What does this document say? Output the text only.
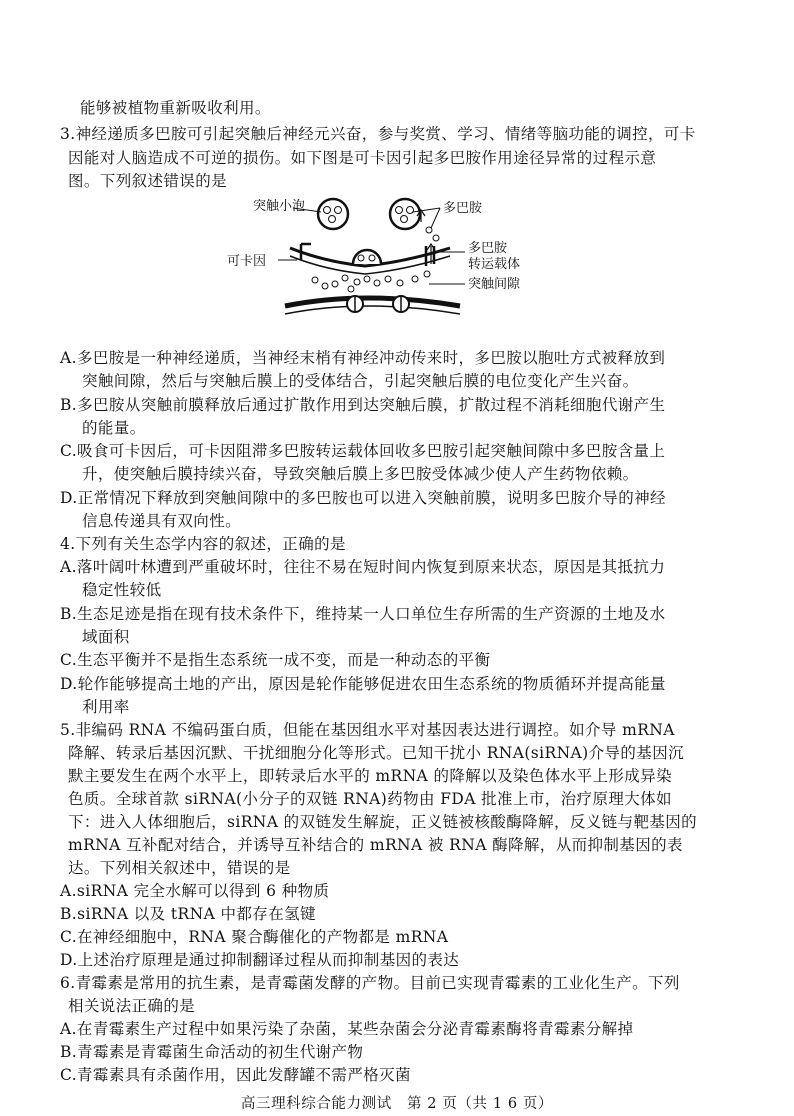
能够被植物重新吸收利用。
3.神经递质多巴胺可引起突触后神经元兴奋，参与奖赏、学习、情绪等脑功能的调控，可卡
因能对人脑造成不可逆的损伤。如下图是可卡因引起多巴胺作用途径异常的过程示意
图。下列叙述错误的是
突触小泡	多巴胺
可卡因
多巴胺
转运载体
突触间隙
A.多巴胺是一种神经递质，当神经末梢有神经冲动传来时，多巴胺以胞吐方式被释放到
突触间隙，然后与突触后膜上的受体结合，引起突触后膜的电位变化产生兴奋。
B.多巴胺从突触前膜释放后通过扩散作用到达突触后膜，扩散过程不消耗细胞代谢产生
的能量。
C.吸食可卡因后，可卡因阻滞多巴胺转运载体回收多巴胺引起突触间隙中多巴胺含量上
升，使突触后膜持续兴奋，导致突触后膜上多巴胺受体减少使人产生药物依赖。
D.正常情况下释放到突触间隙中的多巴胺也可以进入突触前膜，说明多巴胺介导的神经
信息传递具有双向性。
4.下列有关生态学内容的叙述，正确的是
A.落叶阔叶林遭到严重破坏时，往往不易在短时间内恢复到原来状态，原因是其抵抗力
稳定性较低
B.生态足迹是指在现有技术条件下，维持某一人口单位生存所需的生产资源的土地及水
域面积
C.生态平衡并不是指生态系统一成不变，而是一种动态的平衡
D.轮作能够提高土地的产出，原因是轮作能够促进农田生态系统的物质循环并提高能量
利用率
5.非编码 RNA 不编码蛋白质，但能在基因组水平对基因表达进行调控。如介导 mRNA
降解、转录后基因沉默、干扰细胞分化等形式。已知干扰小 RNA(siRNA)介导的基因沉
默主要发生在两个水平上，即转录后水平的 mRNA 的降解以及染色体水平上形成异染
色质。全球首款 siRNA(小分子的双链 RNA)药物由 FDA 批准上市，治疗原理大体如
下：进入人体细胞后，siRNA 的双链发生解旋，正义链被核酸酶降解，反义链与靶基因的
mRNA 互补配对结合，并诱导互补结合的 mRNA 被 RNA 酶降解，从而抑制基因的表
达。下列相关叙述中，错误的是
A.siRNA 完全水解可以得到 6 种物质
B.siRNA 以及 tRNA 中都存在氢键
C.在神经细胞中，RNA 聚合酶催化的产物都是 mRNA
D.上述治疗原理是通过抑制翻译过程从而抑制基因的表达
6.青霉素是常用的抗生素，是青霉菌发酵的产物。目前已实现青霉素的工业化生产。下列
相关说法正确的是
A.在青霉素生产过程中如果污染了杂菌，某些杂菌会分泌青霉素酶将青霉素分解掉
B.青霉素是青霉菌生命活动的初生代谢产物
C.青霉素具有杀菌作用，因此发酵罐不需严格灭菌
高三理科综合能力测试　第 2 页（共 1 6 页）
